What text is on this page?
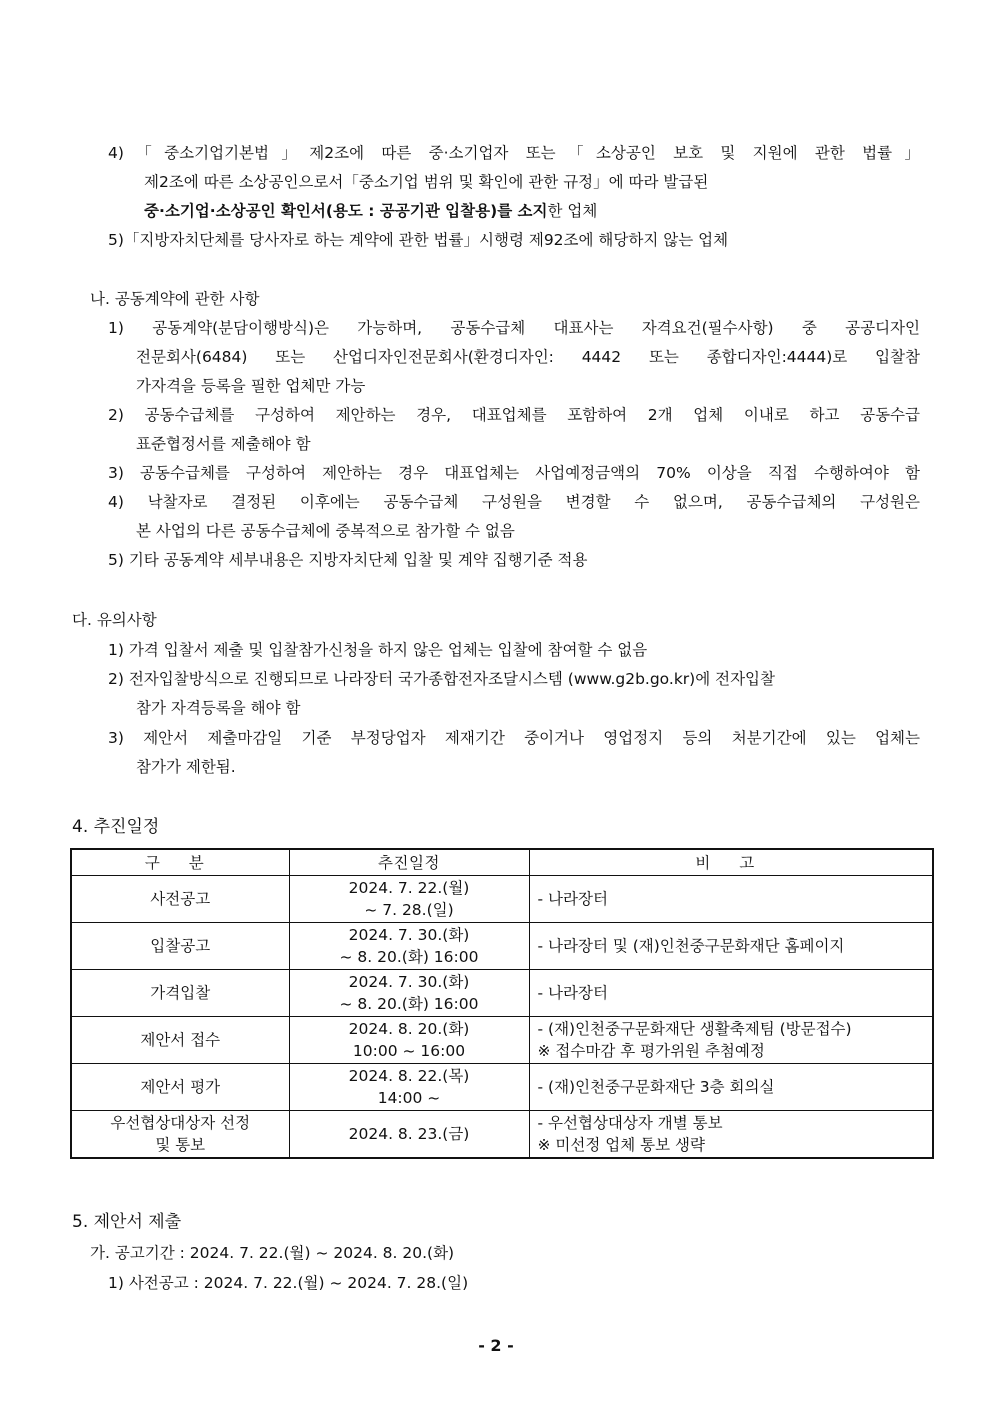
4)「중소기업기본법」제2조에 따른 중·소기업자 또는「소상공인 보호 및 지원에 관한 법률」
제2조에 따른 소상공인으로서「중소기업 범위 및 확인에 관한 규정」에 따라 발급된
중·소기업·소상공인 확인서(용도 : 공공기관 입찰용)를 소지한 업체
5)「지방자치단체를 당사자로 하는 계약에 관한 법률」시행령 제92조에 해당하지 않는 업체
나. 공동계약에 관한 사항
1) 공동계약(분담이행방식)은 가능하며, 공동수급체 대표사는 자격요건(필수사항) 중 공공디자인
전문회사(6484) 또는 산업디자인전문회사(환경디자인: 4442 또는 종합디자인:4444)로 입찰참
가자격을 등록을 필한 업체만 가능
2) 공동수급체를 구성하여 제안하는 경우, 대표업체를 포함하여 2개 업체 이내로 하고 공동수급
표준협정서를 제출해야 함
3) 공동수급체를 구성하여 제안하는 경우 대표업체는 사업예정금액의 70% 이상을 직접 수행하여야 함
4) 낙찰자로 결정된 이후에는 공동수급체 구성원을 변경할 수 없으며, 공동수급체의 구성원은
본 사업의 다른 공동수급체에 중복적으로 참가할 수 없음
5) 기타 공동계약 세부내용은 지방자치단체 입찰 및 계약 집행기준 적용
다. 유의사항
1) 가격 입찰서 제출 및 입찰참가신청을 하지 않은 업체는 입찰에 참여할 수 없음
2) 전자입찰방식으로 진행되므로 나라장터 국가종합전자조달시스템 (www.g2b.go.kr)에 전자입찰
참가 자격등록을 해야 함
3) 제안서 제출마감일 기준 부정당업자 제재기간 중이거나 영업정지 등의 처분기간에 있는 업체는
참가가 제한됨.
4. 추진일정
구 분	추진일정	비 고

사전공고	2024. 7. 22.(월)
~ 7. 28.(일)	- 나라장터

입찰공고	2024. 7. 30.(화)
~ 8. 20.(화) 16:00	- 나라장터 및 (재)인천중구문화재단 홈페이지

가격입찰	2024. 7. 30.(화)
~ 8. 20.(화) 16:00	- 나라장터

제안서 접수	2024. 8. 20.(화)
10:00 ~ 16:00	- (재)인천중구문화재단 생활축제팀 (방문접수)
※ 접수마감 후 평가위원 추첨예정

제안서 평가	2024. 8. 22.(목)
14:00 ~	- (재)인천중구문화재단 3층 회의실

우선협상대상자 선정
및 통보	2024. 8. 23.(금)	- 우선협상대상자 개별 통보
※ 미선정 업체 통보 생략
5. 제안서 제출
가. 공고기간 : 2024. 7. 22.(월) ~ 2024. 8. 20.(화)
1) 사전공고 : 2024. 7. 22.(월) ~ 2024. 7. 28.(일)
- 2 -
